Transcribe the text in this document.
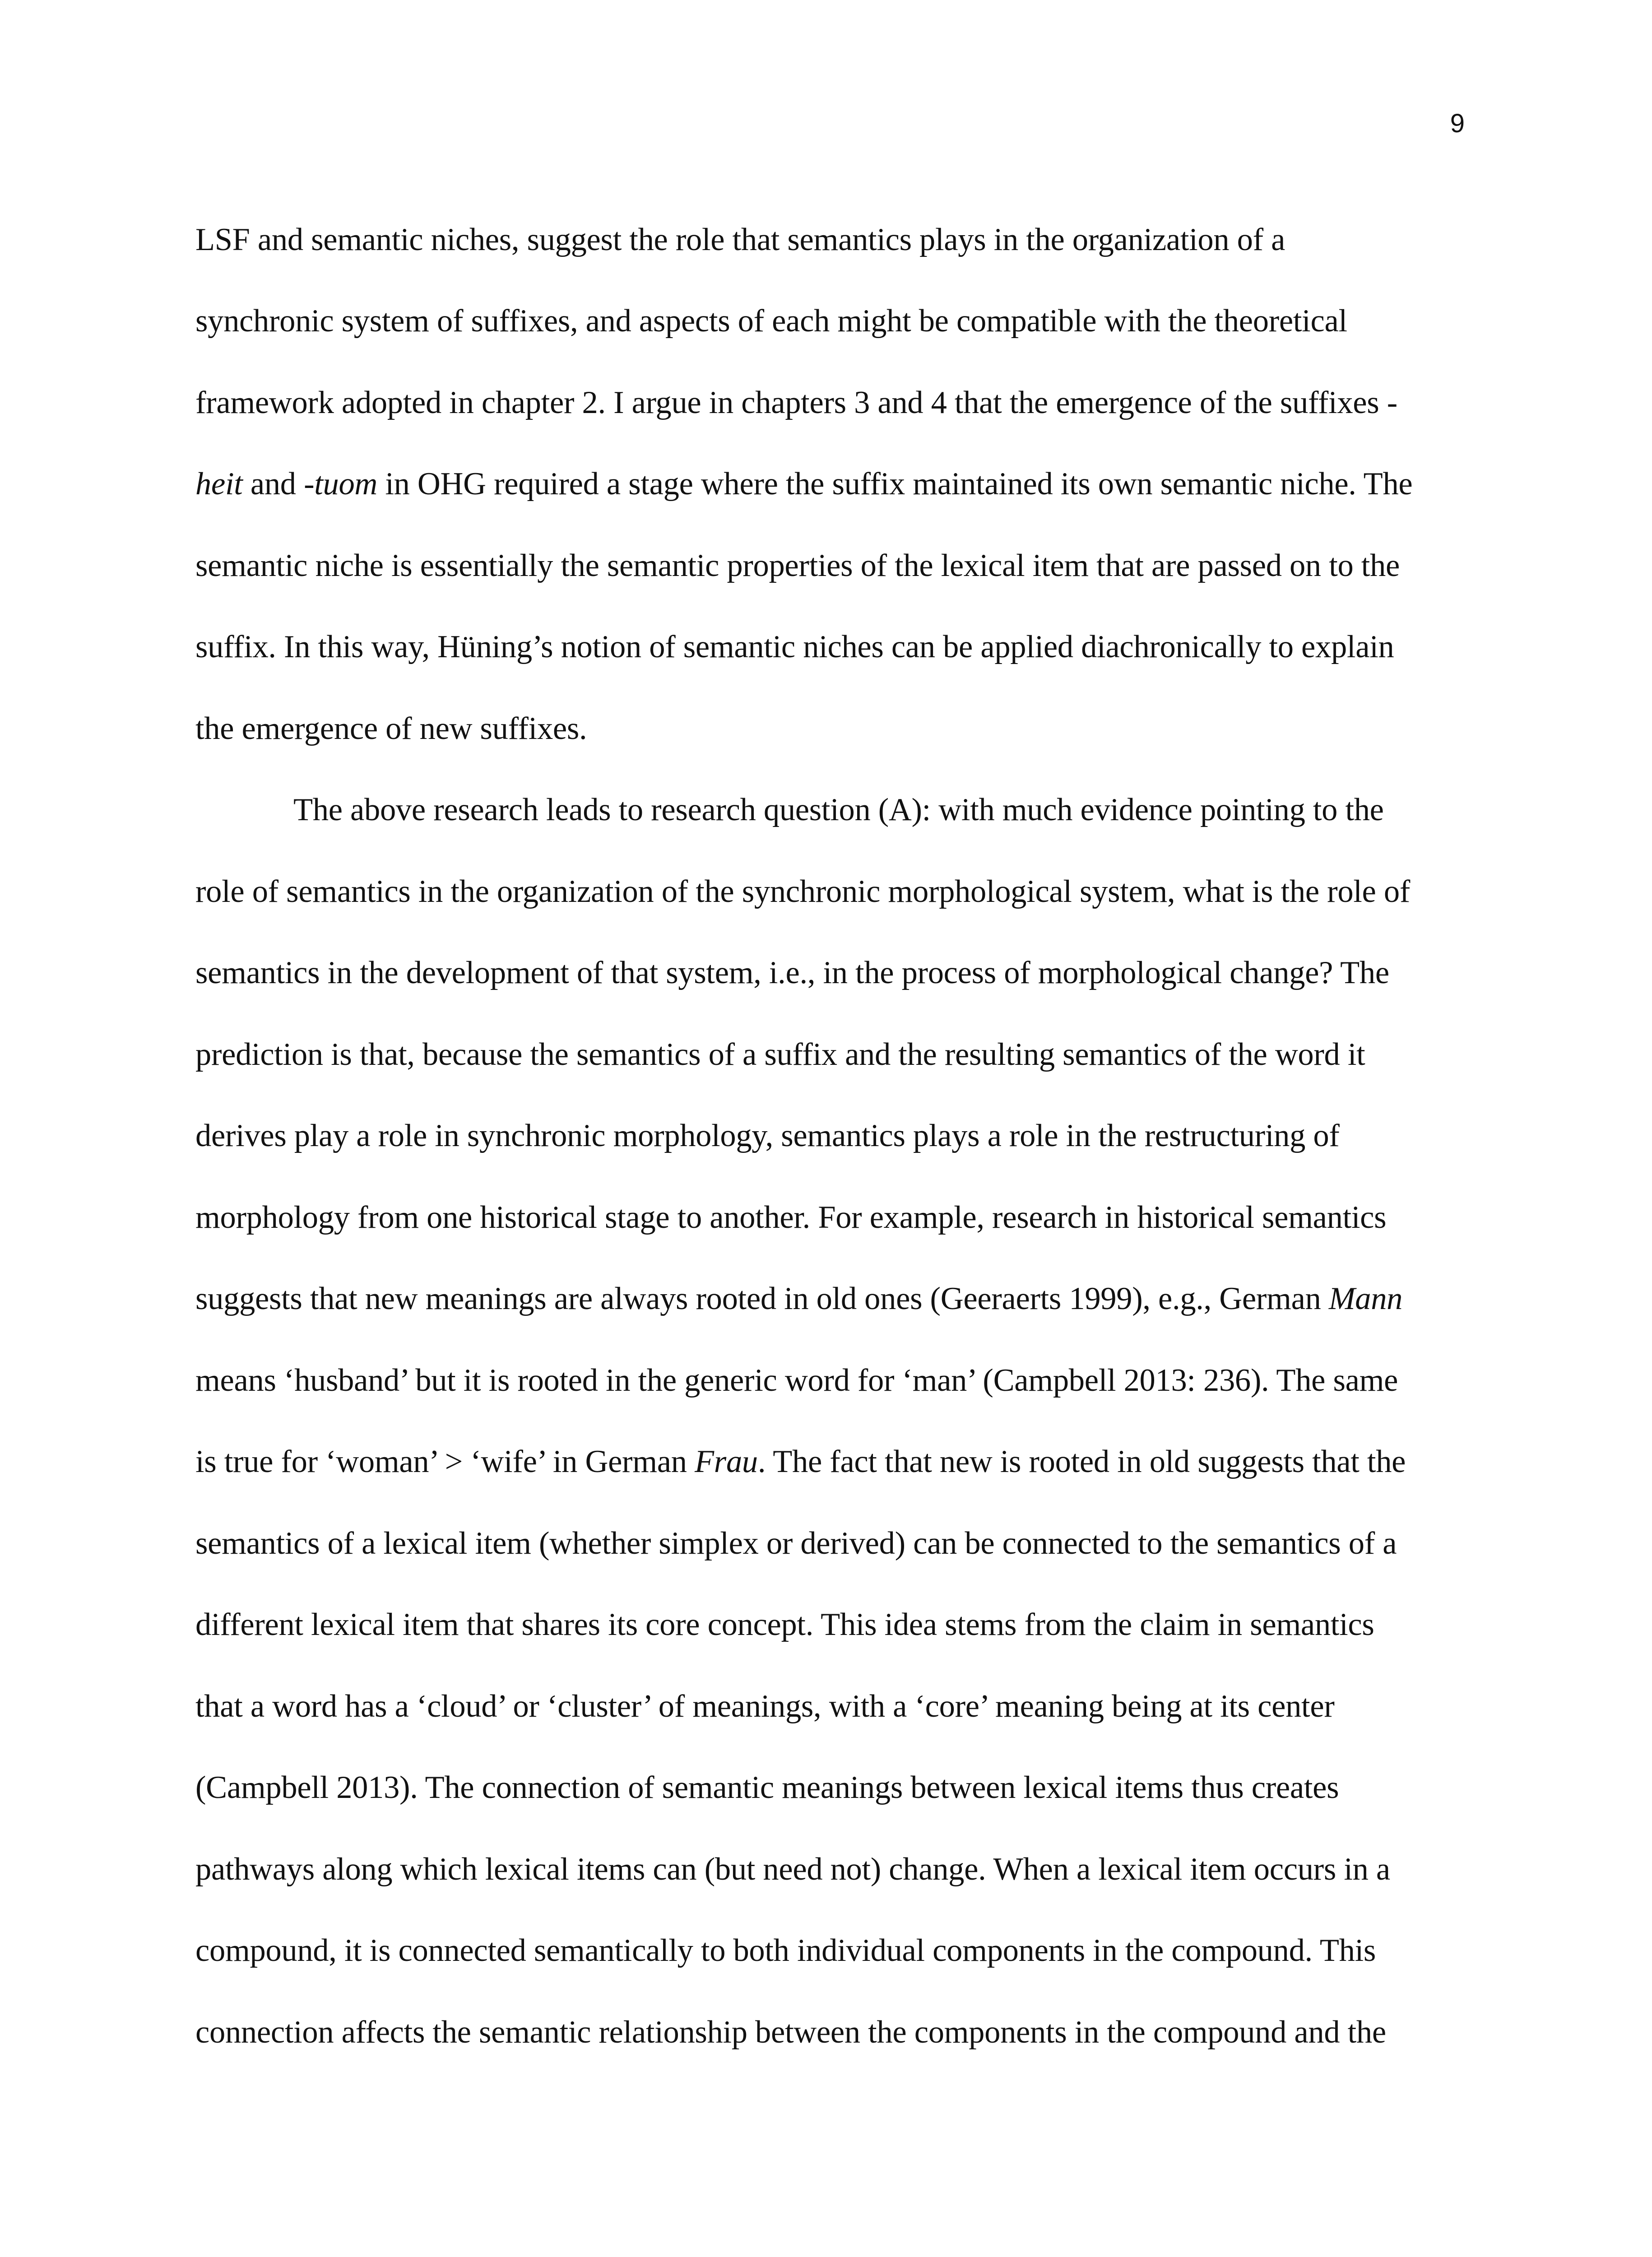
9
LSF and semantic niches, suggest the role that semantics plays in the organization of a
synchronic system of suffixes, and aspects of each might be compatible with the theoretical
framework adopted in chapter 2. I argue in chapters 3 and 4 that the emergence of the suffixes -
heit and -tuom in OHG required a stage where the suffix maintained its own semantic niche. The
semantic niche is essentially the semantic properties of the lexical item that are passed on to the
suffix. In this way, Hüning’s notion of semantic niches can be applied diachronically to explain
the emergence of new suffixes.
The above research leads to research question (A): with much evidence pointing to the
role of semantics in the organization of the synchronic morphological system, what is the role of
semantics in the development of that system, i.e., in the process of morphological change? The
prediction is that, because the semantics of a suffix and the resulting semantics of the word it
derives play a role in synchronic morphology, semantics plays a role in the restructuring of
morphology from one historical stage to another. For example, research in historical semantics
suggests that new meanings are always rooted in old ones (Geeraerts 1999), e.g., German Mann
means ‘husband’ but it is rooted in the generic word for ‘man’ (Campbell 2013: 236). The same
is true for ‘woman’ > ‘wife’ in German Frau. The fact that new is rooted in old suggests that the
semantics of a lexical item (whether simplex or derived) can be connected to the semantics of a
different lexical item that shares its core concept. This idea stems from the claim in semantics
that a word has a ‘cloud’ or ‘cluster’ of meanings, with a ‘core’ meaning being at its center
(Campbell 2013). The connection of semantic meanings between lexical items thus creates
pathways along which lexical items can (but need not) change. When a lexical item occurs in a
compound, it is connected semantically to both individual components in the compound. This
connection affects the semantic relationship between the components in the compound and the
